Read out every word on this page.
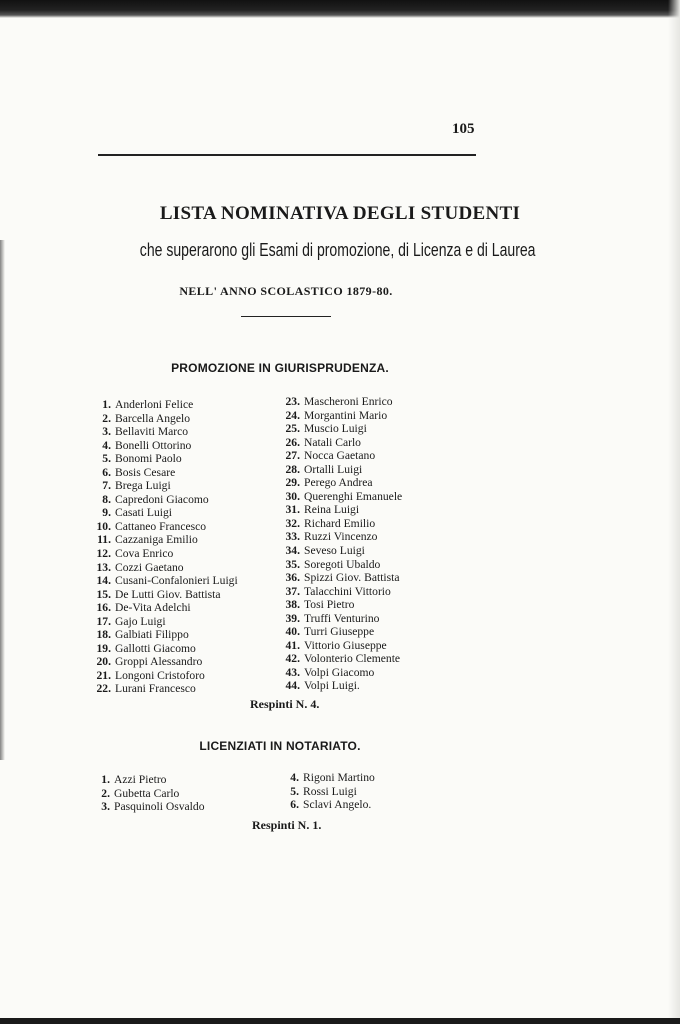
105
LISTA NOMINATIVA DEGLI STUDENTI
che superarono gli Esami di promozione, di Licenza e di Laurea
NELL' ANNO SCOLASTICO 1879-80.
PROMOZIONE IN GIURISPRUDENZA.
1. Anderloni Felice
2. Barcella Angelo
3. Bellaviti Marco
4. Bonelli Ottorino
5. Bonomi Paolo
6. Bosis Cesare
7. Brega Luigi
8. Capredoni Giacomo
9. Casati Luigi
10. Cattaneo Francesco
11. Cazzaniga Emilio
12. Cova Enrico
13. Cozzi Gaetano
14. Cusani-Confalonieri Luigi
15. De Lutti Giov. Battista
16. De-Vita Adelchi
17. Gajo Luigi
18. Galbiati Filippo
19. Gallotti Giacomo
20. Groppi Alessandro
21. Longoni Cristoforo
22. Lurani Francesco
23. Mascheroni Enrico
24. Morgantini Mario
25. Muscio Luigi
26. Natali Carlo
27. Nocca Gaetano
28. Ortalli Luigi
29. Perego Andrea
30. Querenghi Emanuele
31. Reina Luigi
32. Richard Emilio
33. Ruzzi Vincenzo
34. Seveso Luigi
35. Soregoti Ubaldo
36. Spizzi Giov. Battista
37. Talacchini Vittorio
38. Tosi Pietro
39. Truffi Venturino
40. Turri Giuseppe
41. Vittorio Giuseppe
42. Volonterio Clemente
43. Volpi Giacomo
44. Volpi Luigi.
Respinti N. 4.
LICENZIATI IN NOTARIATO.
1. Azzi Pietro
2. Gubetta Carlo
3. Pasquinoli Osvaldo
4. Rigoni Martino
5. Rossi Luigi
6. Sclavi Angelo.
Respinti N. 1.
